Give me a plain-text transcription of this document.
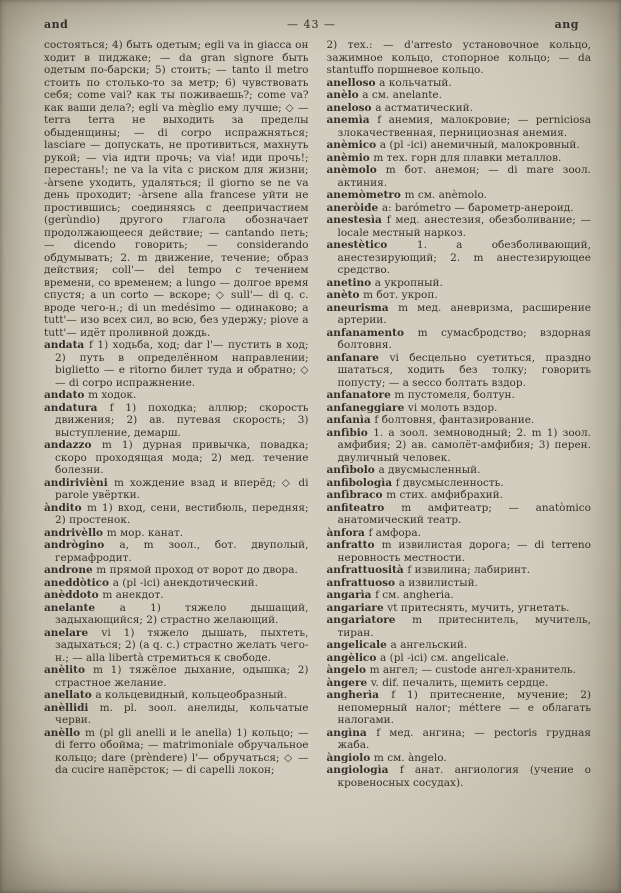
and	— 43 —	ang

состояться; 4) быть одетым; egli va in giacca он ходит в пиджаке; — da gran signore быть одетым по-барски; 5) стоить; — tanto il metro стоить по столько-то за метр; 6) чувствовать себя; come vai? как ты поживаешь?; come va? как ваши дела?; egli va mèglio ему лучше; ◇ — terra terra не выходить за пределы обыденщины; — di corpo испражняться; lasciare — допускать, не противиться, махнуть рукой; — via идти прочь; va via! иди прочь!; перестань!; ne va la vita с риском для жизни; -àrsene уходить, удаляться; il giorno se ne va день проходит; -àrsene alla francese уйти не простившись; соединяясь с деепричастием (gerùndio) другого глагола обозначает продолжающееся действие; — cantando петь; — dicendo говорить; — considerando обдумывать; 2. m движение, течение; образ действия; coll'— del tempo с течением времени, со временем; a lungo — долгое время спустя; a un corto — вскоре; ◇ sull'— di q. c. вроде чего-н.; di un medésimo — одинаково; a tutt'— изо всех сил, во всю, без удержу; piove a tutt'— идёт проливной дождь.

andata f 1) ходьба, ход; dar l'— пустить в ход; 2) путь в определённом направлении; biglietto — e ritorno билет туда и обратно; ◇ — di corpo испражнение.

andato m ходок.

andatura f 1) походка; аллюр; скорость движения; 2) ав. путевая скорость; 3) выступление, демарш.

andazzo m 1) дурная привычка, повадка; скоро проходящая мода; 2) мед. течение болезни.

andirivièni m хождение взад и вперёд; ◇ di parole увёртки.

àndito m 1) вход, сени, вестибюль, передняя; 2) простенок.

andrivèllo m мор. канат.

andrògino a, m зоол., бот. двуполый, гермафродит.

androne m прямой проход от ворот до двора.

aneddòtico a (pl -ici) анекдотический.

anèddoto m анекдот.

anelante a 1) тяжело дышащий, задыхающийся; 2) страстно желающий.

anelare vi 1) тяжело дышать, пыхтеть, задыхаться; 2) (a q. c.) страстно желать чего-н.; — alla libertà стремиться к свободе.

anèlito m 1) тяжёлое дыхание, одышка; 2) страстное желание.

anellato a кольцевидный, кольцеобразный.

anèllidi m. pl. зоол. анелиды, кольчатые черви.

anèllo m (pl gli anelli и le anella) 1) кольцо; — di ferro обойма; — matrimoniale обручальное кольцо; dare (prèndere) l'— обручаться; ◇ — da cucire напёрсток; — di capelli локон;

2) тех.: — d'arresto установочное кольцо, зажимное кольцо, стопорное кольцо; — da stantuffo поршневое кольцо.

anelloso a кольчатый.

anèlo a см. anelante.

aneloso a астматический.

anemìa f анемия, малокровие; — perniciosa злокачественная, пернициозная анемия.

anèmico a (pl -ici) анемичный, малокровный.

anèmio m тех. горн для плавки металлов.

anèmolo m бот. анемон; — di mare зоол. актиния.

anemòmetro m см. anèmolo.

aneròide a: barómetro — барометр-анероид.

anestesìa f мед. анестезия, обезболивание; — locale местный наркоз.

anestètico 1. a обезболивающий, анестезирующий; 2. m анестезирующее средство.

anetino a укропный.

anèto m бот. укроп.

aneurisma m мед. аневризма, расширение артерии.

anfanamento m сумасбродство; вздорная болтовня.

anfanare vi бесцельно суетиться, праздно шататься, ходить без толку; говорить попусту; — a secco болтать вздор.

anfanatore m пустомеля, болтун.

anfaneggiare vi молоть вздор.

anfanìa f болтовня, фантазирование.

anfìbio 1. a зоол. земноводный; 2. m 1) зоол. амфибия; 2) ав. самолёт-амфибия; 3) перен. двуличный человек.

anfìbolo a двусмысленный.

anfibologìa f двусмысленность.

anfìbraco m стих. амфибрахий.

anfiteatro m амфитеатр; — anatòmico анатомический театр.

ànfora f амфора.

anfratto m извилистая дорога; — di terreno неровность местности.

anfrattuosità f извилина; лабиринт.

anfrattuoso a извилистый.

angarìa f см. angheria.

angariare vt притеснять, мучить, угнетать.

angariatore m притеснитель, мучитель, тиран.

angelicale a ангельский.

angèlico a (pl -ici) см. angelicale.

àngelo m ангел; — custode ангел-хранитель.

àngere v. dif. печалить, щемить сердце.

angherìa f 1) притеснение, мучение; 2) непомерный налог; méttere — e облагать налогами.

angìna f мед. ангина; — pectoris грудная жаба.

àngiolo m см. àngelo.

angiologìa f анат. ангиология (учение о кровеносных сосудах).
